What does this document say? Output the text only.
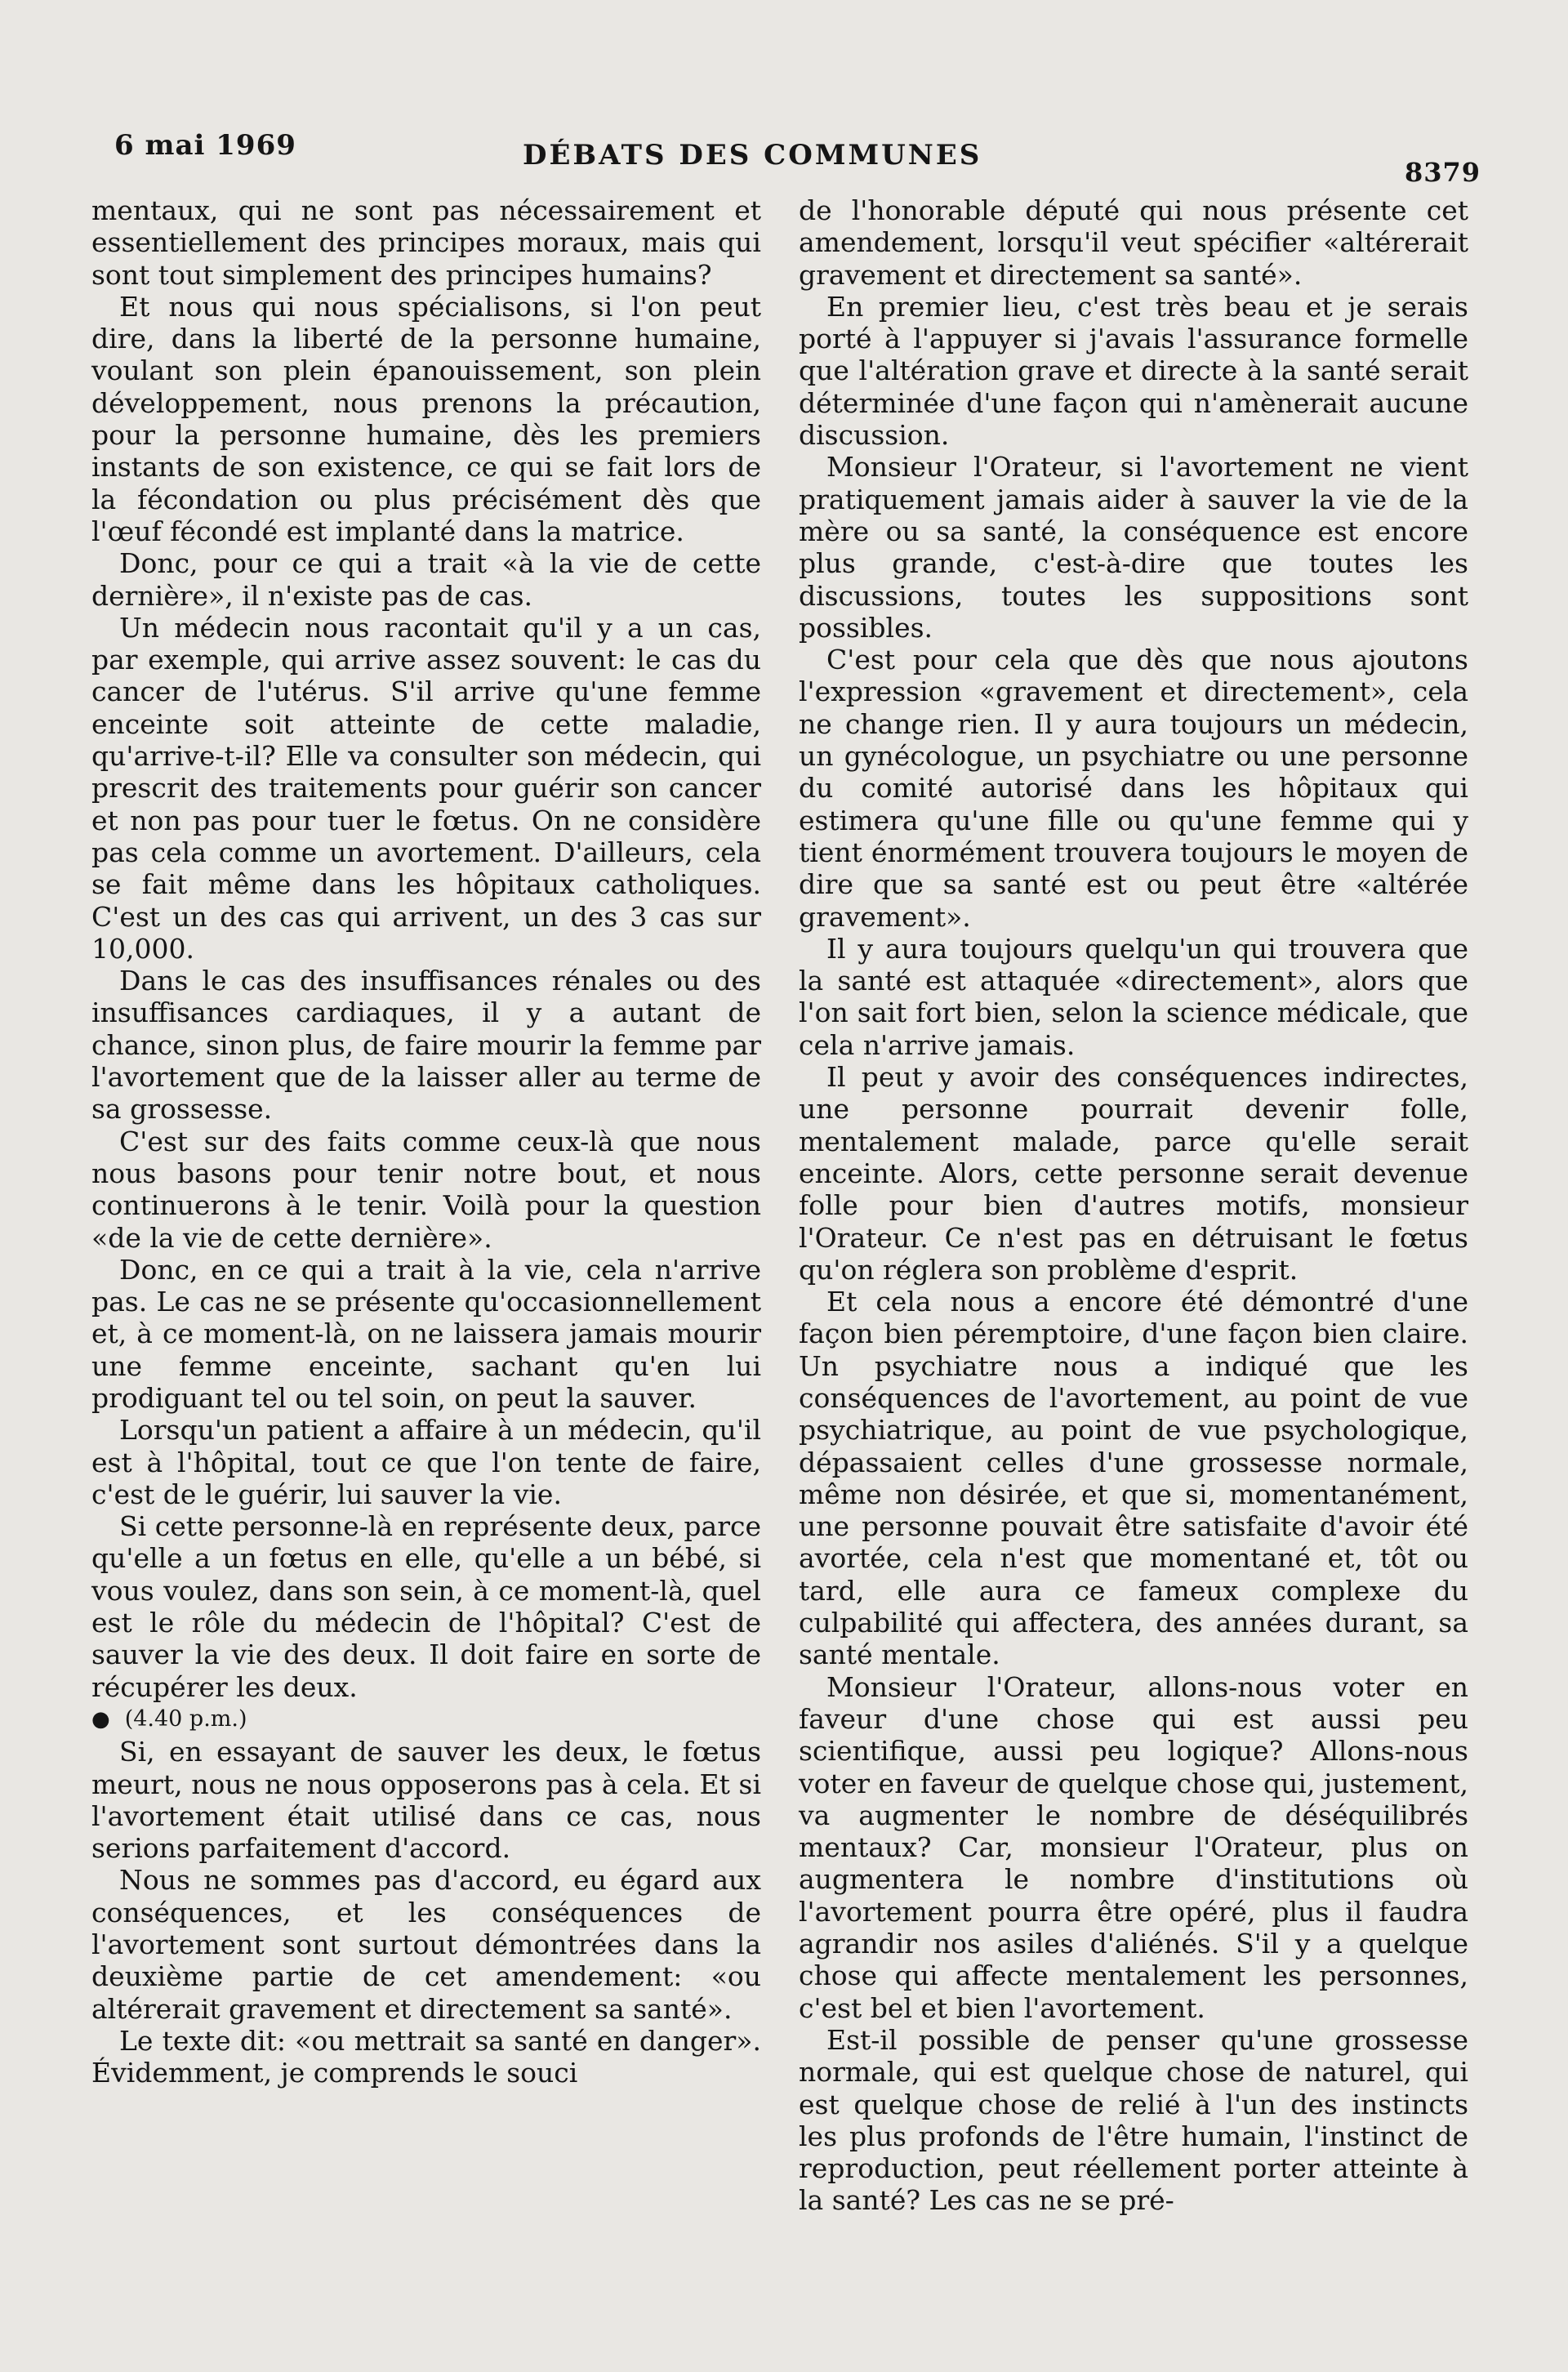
6 mai 1969	DÉBATS DES COMMUNES
8379

mentaux, qui ne sont pas nécessairement et essentiellement des principes moraux, mais qui sont tout simplement des principes humains?

Et nous qui nous spécialisons, si l'on peut dire, dans la liberté de la personne humaine, voulant son plein épanouissement, son plein développement, nous prenons la précaution, pour la personne humaine, dès les premiers instants de son existence, ce qui se fait lors de la fécondation ou plus précisément dès que l'œuf fécondé est implanté dans la matrice.

Donc, pour ce qui a trait «à la vie de cette dernière», il n'existe pas de cas.

Un médecin nous racontait qu'il y a un cas, par exemple, qui arrive assez souvent: le cas du cancer de l'utérus. S'il arrive qu'une femme enceinte soit atteinte de cette maladie, qu'arrive-t-il? Elle va consulter son médecin, qui prescrit des traitements pour guérir son cancer et non pas pour tuer le fœtus. On ne considère pas cela comme un avortement. D'ailleurs, cela se fait même dans les hôpitaux catholiques. C'est un des cas qui arrivent, un des 3 cas sur 10,000.

Dans le cas des insuffisances rénales ou des insuffisances cardiaques, il y a autant de chance, sinon plus, de faire mourir la femme par l'avortement que de la laisser aller au terme de sa grossesse.

C'est sur des faits comme ceux-là que nous nous basons pour tenir notre bout, et nous continuerons à le tenir. Voilà pour la question «de la vie de cette dernière».

Donc, en ce qui a trait à la vie, cela n'arrive pas. Le cas ne se présente qu'occasionnellement et, à ce moment-là, on ne laissera jamais mourir une femme enceinte, sachant qu'en lui prodiguant tel ou tel soin, on peut la sauver.

Lorsqu'un patient a affaire à un médecin, qu'il est à l'hôpital, tout ce que l'on tente de faire, c'est de le guérir, lui sauver la vie.

Si cette personne-là en représente deux, parce qu'elle a un fœtus en elle, qu'elle a un bébé, si vous voulez, dans son sein, à ce moment-là, quel est le rôle du médecin de l'hôpital? C'est de sauver la vie des deux. Il doit faire en sorte de récupérer les deux.

● (4.40 p.m.)

Si, en essayant de sauver les deux, le fœtus meurt, nous ne nous opposerons pas à cela. Et si l'avortement était utilisé dans ce cas, nous serions parfaitement d'accord.

Nous ne sommes pas d'accord, eu égard aux conséquences, et les conséquences de l'avortement sont surtout démontrées dans la deuxième partie de cet amendement: «ou altérerait gravement et directement sa santé».

Le texte dit: «ou mettrait sa santé en danger». Évidemment, je comprends le souci

de l'honorable député qui nous présente cet amendement, lorsqu'il veut spécifier «altérerait gravement et directement sa santé».

En premier lieu, c'est très beau et je serais porté à l'appuyer si j'avais l'assurance formelle que l'altération grave et directe à la santé serait déterminée d'une façon qui n'amènerait aucune discussion.

Monsieur l'Orateur, si l'avortement ne vient pratiquement jamais aider à sauver la vie de la mère ou sa santé, la conséquence est encore plus grande, c'est-à-dire que toutes les discussions, toutes les suppositions sont possibles.

C'est pour cela que dès que nous ajoutons l'expression «gravement et directement», cela ne change rien. Il y aura toujours un médecin, un gynécologue, un psychiatre ou une personne du comité autorisé dans les hôpitaux qui estimera qu'une fille ou qu'une femme qui y tient énormément trouvera toujours le moyen de dire que sa santé est ou peut être «altérée gravement».

Il y aura toujours quelqu'un qui trouvera que la santé est attaquée «directement», alors que l'on sait fort bien, selon la science médicale, que cela n'arrive jamais.

Il peut y avoir des conséquences indirectes, une personne pourrait devenir folle, mentalement malade, parce qu'elle serait enceinte. Alors, cette personne serait devenue folle pour bien d'autres motifs, monsieur l'Orateur. Ce n'est pas en détruisant le fœtus qu'on réglera son problème d'esprit.

Et cela nous a encore été démontré d'une façon bien péremptoire, d'une façon bien claire. Un psychiatre nous a indiqué que les conséquences de l'avortement, au point de vue psychiatrique, au point de vue psychologique, dépassaient celles d'une grossesse normale, même non désirée, et que si, momentanément, une personne pouvait être satisfaite d'avoir été avortée, cela n'est que momentané et, tôt ou tard, elle aura ce fameux complexe du culpabilité qui affectera, des années durant, sa santé mentale.

Monsieur l'Orateur, allons-nous voter en faveur d'une chose qui est aussi peu scientifique, aussi peu logique? Allons-nous voter en faveur de quelque chose qui, justement, va augmenter le nombre de déséquilibrés mentaux? Car, monsieur l'Orateur, plus on augmentera le nombre d'institutions où l'avortement pourra être opéré, plus il faudra agrandir nos asiles d'aliénés. S'il y a quelque chose qui affecte mentalement les personnes, c'est bel et bien l'avortement.

Est-il possible de penser qu'une grossesse normale, qui est quelque chose de naturel, qui est quelque chose de relié à l'un des instincts les plus profonds de l'être humain, l'instinct de reproduction, peut réellement porter atteinte à la santé? Les cas ne se pré-
